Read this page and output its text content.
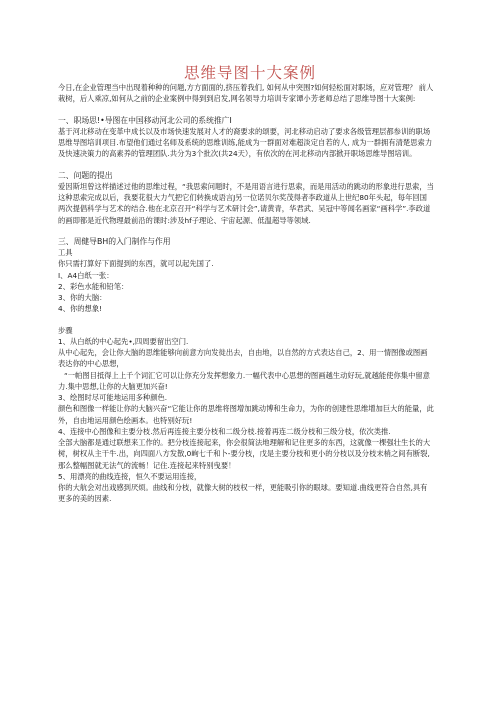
思维导图十大案例

今日,在企业管理当中出现着种种的问题,方方面面的,挤压着我们, 如何从中突围?如何轻松面对职场，应对管理？ 前人栽树，后人乘凉,如何从之前的企业案例中得到到启发,网名领导力培训专家谭小芳老师总结了思维导图十大案例:

一、职场思!•导图在中国移动河北公司的系统推广I

基于河北移动在变革中成长以及市场快速发展对人才的裔要求的颂要，河北移动启动了要求各级管理层都参训的职场思维导图培训项目.布望他们通过名师及系统的思维训练,能成为一群面对难超淡定自若的人, 成为一群拥有清楚思索力及快速决策力的高素养的管理团队.共分为3个批次(共24天），有依次的在河北移动内部掀开职场思维导图培训。

二、问题的提出

爱因斯坦曾这样描述过他的思维过程，“我思索问题时，不是用语言进行思索，而是用活动的跳动的形象进行思索，当这种思索完成以后，我要花很大力气把它们转换成语言J另一位诺贝尔奖茂得者李政道从上世纪80年头起，每年回国两次提倡科学与艺术的结合.他在北京召开“科学与艺术研讨会”,请黄青，华君武、吴冠中等闻名画家“画科学”.李政道的画即都是近代物理最前沿的课时:涉及hf子理论、宇宙起源、低温超导等领域.

三、周健导BH的入门制作与作用

工具

你只需打算好下面提到的东西，就可以起先国了.

I、A4白纸一张：

2、彩色水能和铅笔：

3、你的大脑：

4、你的想象!

步骤

1、从白纸的中心起先•,四周要留出空门.

从中心起先，会让你大脑的思维能够向前意方向发徙出去，自由地，以自然的方式表达自己，2、用一情图像或图画表达你的中心思想，

“一帕图目抵得上上千个词汇它可以让你充分发挥想象力.一幅代表中心思想的图画越生动好玩,就越能使你集中留意力.集中思想,让你的大脑更加兴奋!

3、绘图时尽可能地运用多种颜色.

颜色和图像一样能让你的大脑兴奋“它能让你的思维将图增加跳动博和生命力，为你的创建性思维增加巨大的能量，此外，自由地运用颜色绘画本。也特别好玩!

4、连接中心图像和主要分枝.然后再连接主要分枝和二级分枝.接着再连二级分枝和三级分枝，依次类推.

全部大脑都是通过联想来工作的。把分枝连接起来，你会很简法地理解和记住更多的东西，这就像一棵强壮生长的大树，树权从主干牛.出，向四面八方发散,0峋七千和卜-要分枝，戊是主要分枝和更小的分枝以及分枝末梢之间有断裂,那么整幅图就无法气的流畅！记住.连接起来特别曳要！

5、用漂亮的曲线连接，恒久不要运用连接，

你的大航会对出戏感到厌烦。曲线和分枝，就像大树的枝权一样，更能吸引你的眼球。要知道.曲线更符合自然,具有更多的美的因素.
